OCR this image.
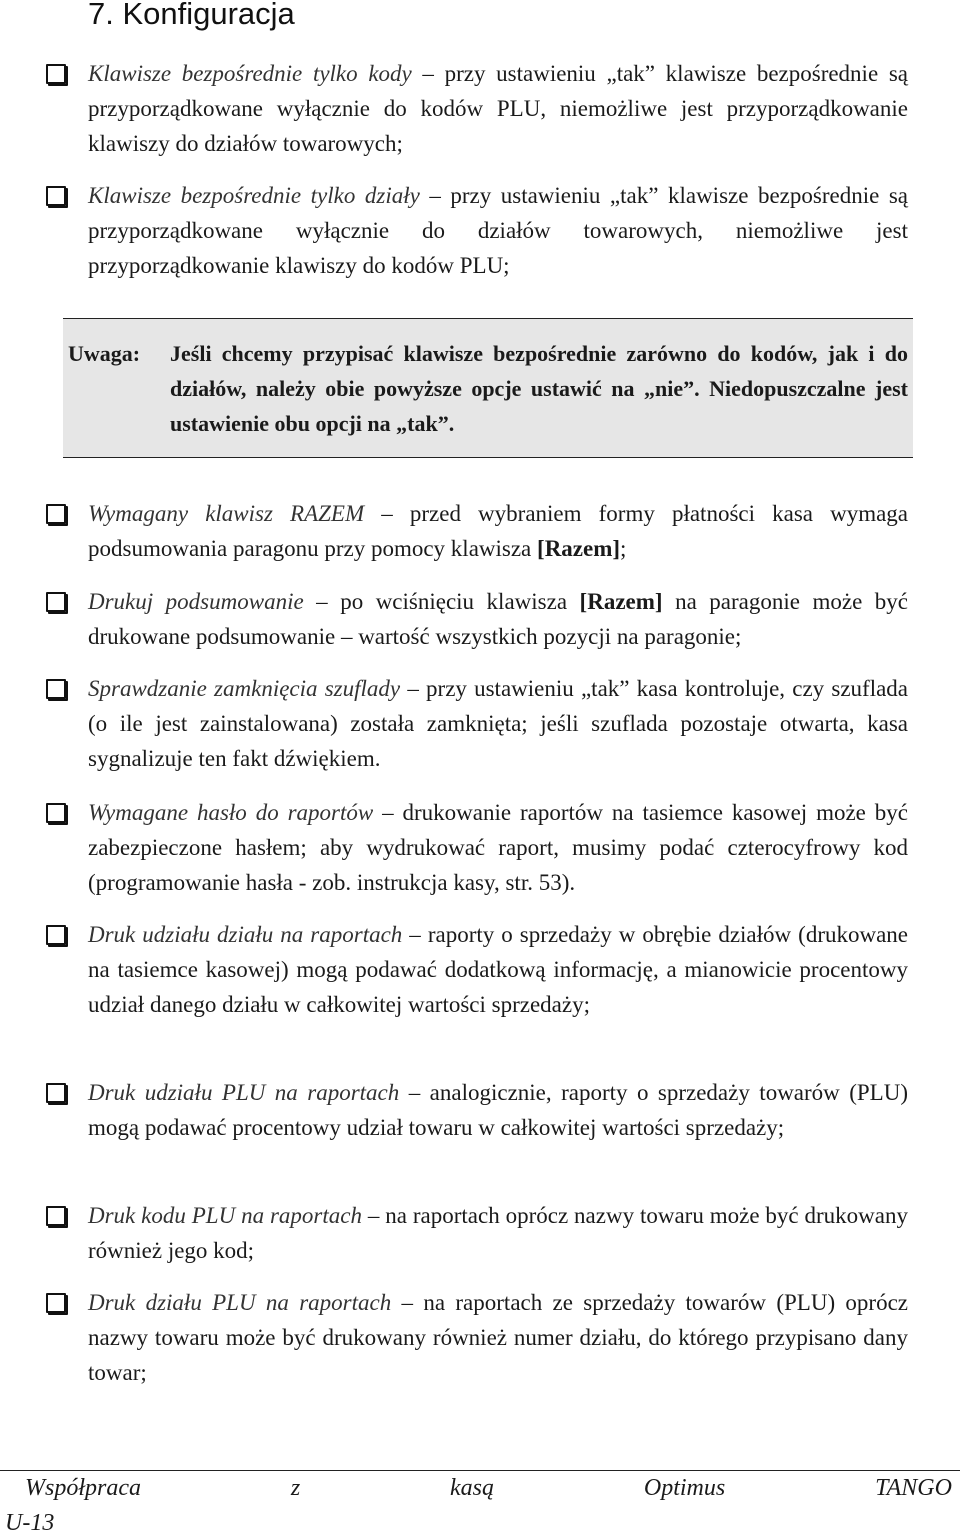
7. Konfiguracja
Klawisze bezpośrednie tylko kody – przy ustawieniu „tak” klawisze bezpośrednie są przyporządkowane wyłącznie do kodów PLU, niemożliwe jest przyporządkowanie klawiszy do działów towarowych;
Klawisze bezpośrednie tylko działy – przy ustawieniu „tak” klawisze bezpośrednie są przyporządkowane wyłącznie do działów towarowych, niemożliwe jest przyporządkowanie klawiszy do kodów PLU;
Uwaga:	Jeśli chcemy przypisać klawisze bezpośrednie zarówno do kodów, jak i do działów, należy obie powyższe opcje ustawić na „nie”. Niedopuszczalne jest ustawienie obu opcji na „tak”.
Wymagany klawisz RAZEM – przed wybraniem formy płatności kasa wymaga podsumowania paragonu przy pomocy klawisza [Razem];
Drukuj podsumowanie – po wciśnięciu klawisza [Razem] na paragonie może być drukowane podsumowanie – wartość wszystkich pozycji na paragonie;
Sprawdzanie zamknięcia szuflady – przy ustawieniu „tak” kasa kontroluje, czy szuflada (o ile jest zainstalowana) została zamknięta; jeśli szuflada pozostaje otwarta, kasa sygnalizuje ten fakt dźwiękiem.
Wymagane hasło do raportów – drukowanie raportów na tasiemce kasowej może być zabezpieczone hasłem; aby wydrukować raport, musimy podać czterocyfrowy kod (programowanie hasła - zob. instrukcja kasy, str. 53).
Druk udziału działu na raportach – raporty o sprzedaży w obrębie działów (drukowane na tasiemce kasowej) mogą podawać dodatkową informację, a mianowicie procentowy udział danego działu w całkowitej wartości sprzedaży;
Druk udziału PLU na raportach – analogicznie, raporty o sprzedaży towarów (PLU) mogą podawać procentowy udział towaru w całkowitej wartości sprzedaży;
Druk kodu PLU na raportach – na raportach oprócz nazwy towaru może być drukowany również jego kod;
Druk działu PLU na raportach – na raportach ze sprzedaży towarów (PLU) oprócz nazwy towaru może być drukowany również numer działu, do którego przypisano dany towar;
Współpraca	z	kasą	Optimus	TANGO
U-13
